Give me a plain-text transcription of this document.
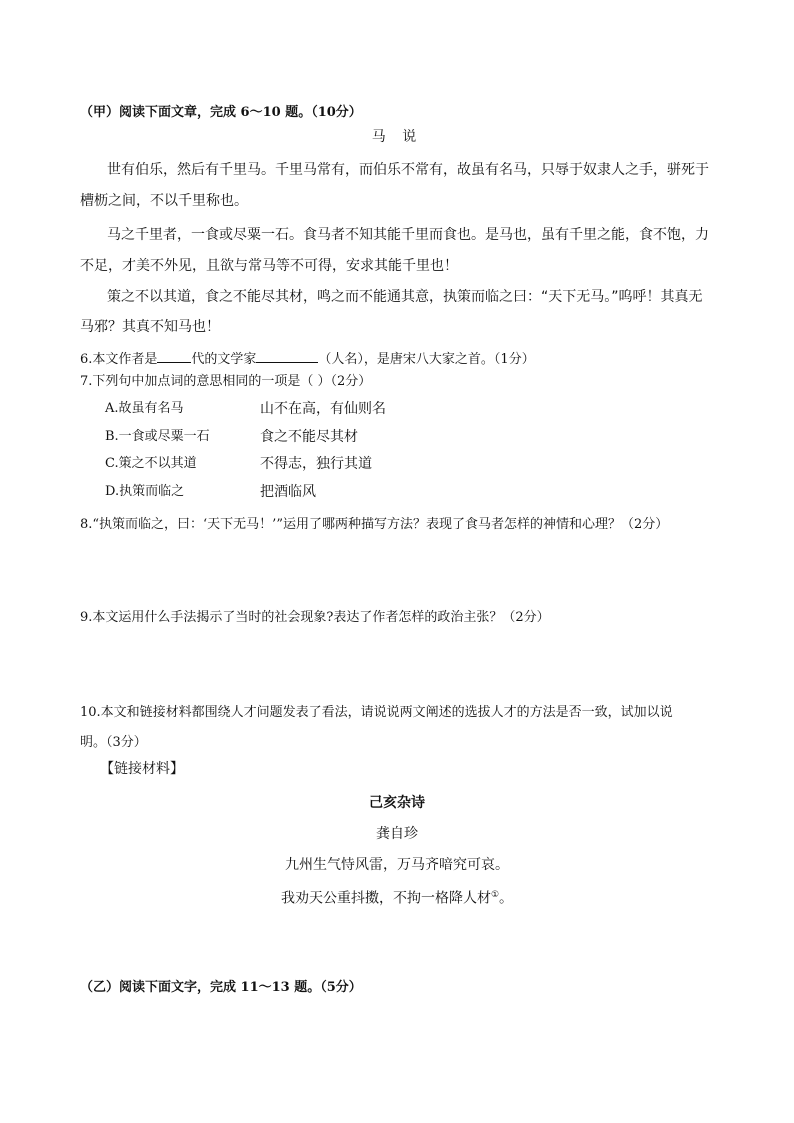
（甲）阅读下面文章，完成 6～10 题。（10分）
马 说
世有伯乐，然后有千里马。千里马常有，而伯乐不常有，故虽有名马，只辱于奴隶人之手，骈死于
槽枥之间，不以千里称也。
马之千里者，一食或尽粟一石。食马者不知其能千里而食也。是马也，虽有千里之能，食不饱，力
不足，才美不外见，且欲与常马等不可得，安求其能千里也！
策之不以其道，食之不能尽其材，鸣之而不能通其意，执策而临之曰：“天下无马。”呜呼！其真无
马邪？其真不知马也！
6.本文作者是	代的文学家	（人名），是唐宋八大家之首。（1分）
7.下列句中加点词的意思相同的一项是（ ）（2分）
A.故虽有名马	山不在高，有仙则名
B.一食或尽粟一石	食之不能尽其材
C.策之不以其道	不得志，独行其道
D.执策而临之	把酒临风
8.“执策而临之，曰：‘天下无马！’”运用了哪两种描写方法？表现了食马者怎样的神情和心理？（2分）
9.本文运用什么手法揭示了当时的社会现象?表达了作者怎样的政治主张？（2分）
10.本文和链接材料都围绕人才问题发表了看法，请说说两文阐述的选拔人才的方法是否一致，试加以说
明。（3分）
【链接材料】
己亥杂诗
龚自珍
九州生气恃风雷，万马齐喑究可哀。
我劝天公重抖擞，不拘一格降人材①。
（乙）阅读下面文字，完成 11～13 题。（5分）
